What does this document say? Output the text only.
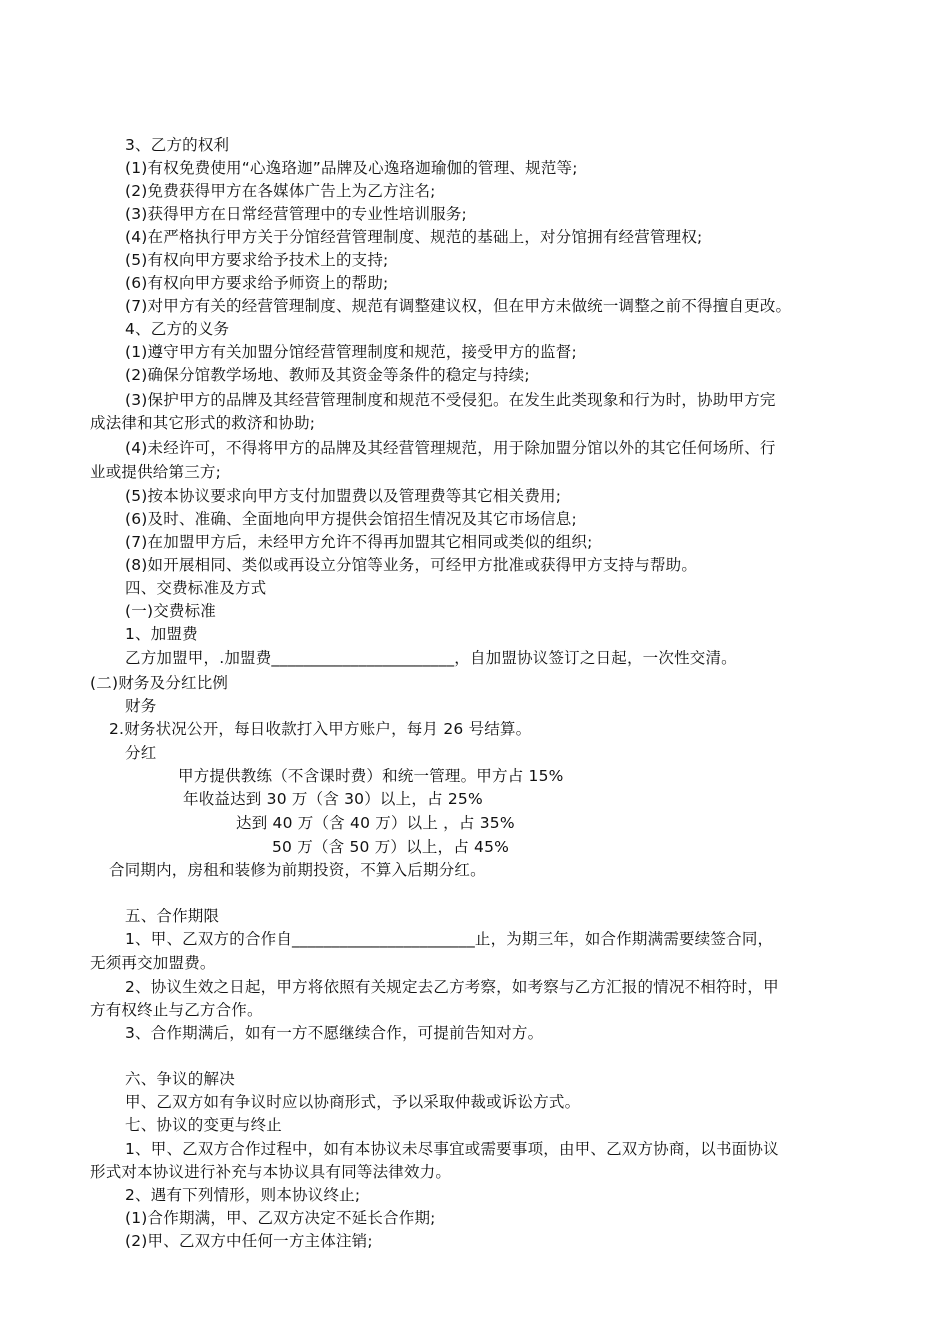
3、乙方的权利

(1)有权免费使用“心逸珞迦”品牌及心逸珞迦瑜伽的管理、规范等;

(2)免费获得甲方在各媒体广告上为乙方注名;

(3)获得甲方在日常经营管理中的专业性培训服务;

(4)在严格执行甲方关于分馆经营管理制度、规范的基础上，对分馆拥有经营管理权;

(5)有权向甲方要求给予技术上的支持;

(6)有权向甲方要求给予师资上的帮助;

(7)对甲方有关的经营管理制度、规范有调整建议权，但在甲方未做统一调整之前不得擅自更改。

4、乙方的义务

(1)遵守甲方有关加盟分馆经营管理制度和规范，接受甲方的监督;

(2)确保分馆教学场地、教师及其资金等条件的稳定与持续;

(3)保护甲方的品牌及其经营管理制度和规范不受侵犯。在发生此类现象和行为时，协助甲方完

成法律和其它形式的救济和协助;

(4)未经许可，不得将甲方的品牌及其经营管理规范，用于除加盟分馆以外的其它任何场所、行

业或提供给第三方;

(5)按本协议要求向甲方支付加盟费以及管理费等其它相关费用;

(6)及时、准确、全面地向甲方提供会馆招生情况及其它市场信息;

(7)在加盟甲方后，未经甲方允许不得再加盟其它相同或类似的组织;

(8)如开展相同、类似或再设立分馆等业务，可经甲方批准或获得甲方支持与帮助。

四、交费标准及方式

(一)交费标准

1、加盟费

乙方加盟甲，.加盟费_______________________，自加盟协议签订之日起，一次性交清。

(二)财务及分红比例

财务

2.财务状况公开，每日收款打入甲方账户，每月 26 号结算。

分红

甲方提供教练（不含课时费）和统一管理。甲方占 15%

年收益达到 30 万（含 30）以上，占 25%

达到 40 万（含 40 万）以上 ，占 35%

50 万（含 50 万）以上，占 45%

合同期内，房租和装修为前期投资，不算入后期分红。

五、合作期限

1、甲、乙双方的合作自_______________________止，为期三年，如合作期满需要续签合同，

无须再交加盟费。

2、协议生效之日起，甲方将依照有关规定去乙方考察，如考察与乙方汇报的情况不相符时，甲

方有权终止与乙方合作。

3、合作期满后，如有一方不愿继续合作，可提前告知对方。

六、争议的解决

甲、乙双方如有争议时应以协商形式，予以采取仲裁或诉讼方式。

七、协议的变更与终止

1、甲、乙双方合作过程中，如有本协议未尽事宜或需要事项，由甲、乙双方协商，以书面协议

形式对本协议进行补充与本协议具有同等法律效力。

2、遇有下列情形，则本协议终止;

(1)合作期满，甲、乙双方决定不延长合作期;

(2)甲、乙双方中任何一方主体注销;
